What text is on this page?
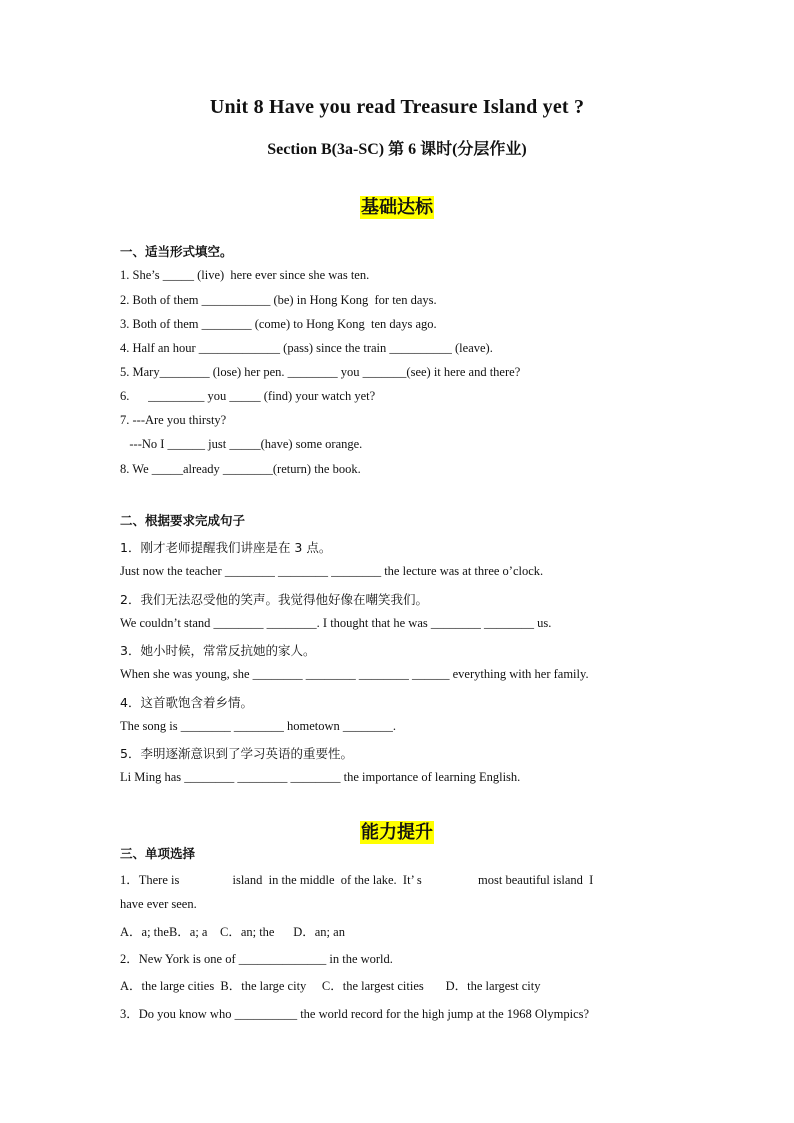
Unit 8 Have you read Treasure Island yet ?
Section B(3a-SC) 第 6 课时(分层作业)
基础达标
一、适当形式填空。
1. She’s _____ (live)  here ever since she was ten.
2. Both of them ___________ (be) in Hong Kong  for ten days.
3. Both of them ________ (come) to Hong Kong  ten days ago.
4. Half an hour _____________ (pass) since the train __________ (leave).
5. Mary________ (lose) her pen. ________ you _______(see) it here and there?
6.      _________ you _____ (find) your watch yet?
7. ---Are you thirsty?
---No I ______ just _____(have) some orange.
8. We _____already ________(return) the book.
二、根据要求完成句子
1．刚才老师提醒我们讲座是在 3 点。
Just now the teacher ________ ________ ________ the lecture was at three o’clock.
2．我们无法忍受他的笑声。我觉得他好像在嘲笑我们。
We couldn’t stand ________ ________. I thought that he was ________ ________ us.
3．她小时候，常常反抗她的家人。
When she was young, she ________ ________ ________ ______ everything with her family.
4．这首歌饱含着乡情。
The song is ________ ________ hometown ________.
5．李明逐渐意识到了学习英语的重要性。
Li Ming has ________ ________ ________ the importance of learning English.
能力提升
三、单项选择
1．There is                 island  in the middle  of the lake.  It’ s                  most beautiful island  I
have ever seen.
A．a; theB．a; a    C．an; the      D．an; an
2．New York is one of ______________ in the world.
A．the large cities  B．the large city     C．the largest cities       D．the largest city
3．Do you know who __________ the world record for the high jump at the 1968 Olympics?
